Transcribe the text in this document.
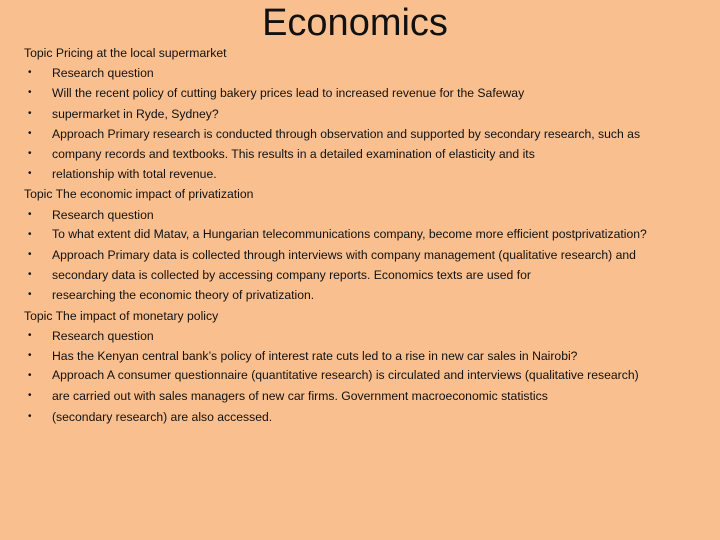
Economics
Topic Pricing at the local supermarket
•	Research question
•	Will the recent policy of cutting bakery prices lead to increased revenue for the Safeway
•	supermarket in Ryde, Sydney?
•	Approach Primary research is conducted through observation and supported by secondary research, such as
•	company records and textbooks. This results in a detailed examination of elasticity and its
•	relationship with total revenue.
Topic The economic impact of privatization
•	Research question
•	To what extent did Matav, a Hungarian telecommunications company, become more efficient postprivatization?
•	Approach Primary data is collected through interviews with company management (qualitative research) and
•	secondary data is collected by accessing company reports. Economics texts are used for
•	researching the economic theory of privatization.
Topic The impact of monetary policy
•	Research question
•	Has the Kenyan central bank’s policy of interest rate cuts led to a rise in new car sales in Nairobi?
•	Approach A consumer questionnaire (quantitative research) is circulated and interviews (qualitative research)
•	are carried out with sales managers of new car firms. Government macroeconomic statistics
•	(secondary research) are also accessed.
